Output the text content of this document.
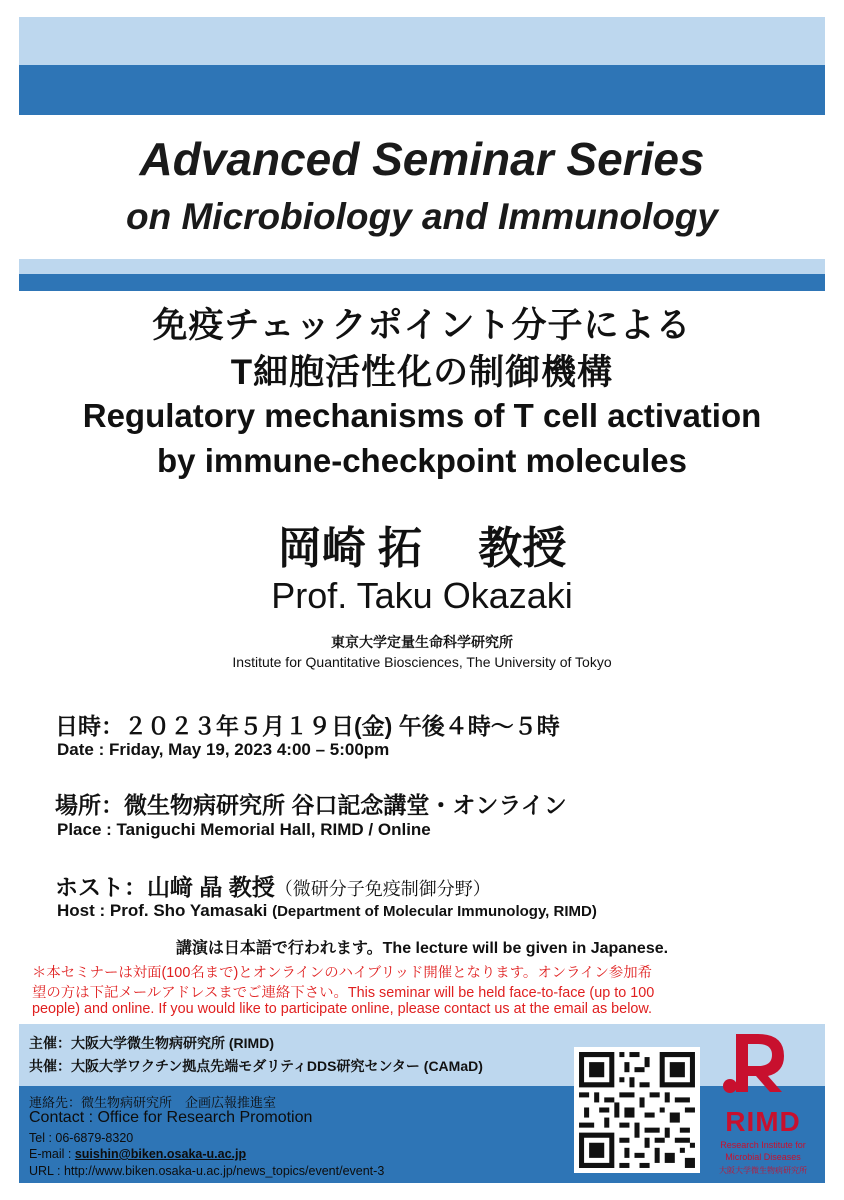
Advanced Seminar Series
on Microbiology and Immunology
免疫チェックポイント分子による
T細胞活性化の制御機構
Regulatory mechanisms of T cell activation
by immune-checkpoint molecules
岡崎 拓　 教授
Prof. Taku Okazaki
東京大学定量生命科学研究所
Institute for Quantitative Biosciences, The University of Tokyo
日時：２０２３年５月１９日(金) 午後４時～５時
Date : Friday, May 19, 2023 4:00 – 5:00pm
場所：微生物病研究所 谷口記念講堂・オンライン
Place : Taniguchi Memorial Hall, RIMD / Online
ホスト：山﨑 晶 教授（微研分子免疫制御分野）
Host : Prof. Sho Yamasaki (Department of Molecular Immunology, RIMD)
講演は日本語で行われます。The lecture will be given in Japanese.
＊本セミナーは対面(100名まで)とオンラインのハイブリッド開催となります。オンライン参加希
望の方は下記メールアドレスまでご連絡下さい。This seminar will be held face-to-face (up to 100
people) and online. If you would like to participate online, please contact us at the email as below.
主催：大阪大学微生物病研究所 (RIMD)
共催：大阪大学ワクチン拠点先端モダリティDDS研究センター (CAMaD)
連絡先：微生物病研究所　企画広報推進室
Contact : Office for Research Promotion
Tel : 06-6879-8320
E-mail : suishin@biken.osaka-u.ac.jp
URL : http://www.biken.osaka-u.ac.jp/news_topics/event/event-3
RIMD
Research Institute for
Microbial Diseases
大阪大学微生物病研究所
